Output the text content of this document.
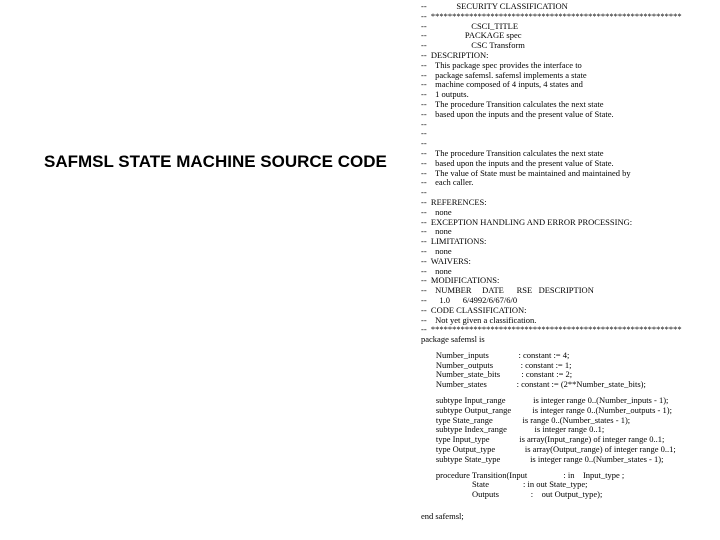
SAFMSL STATE MACHINE SOURCE CODE
--              SECURITY CLASSIFICATION
--  ***********************************************************
--                     CSCI_TITLE
--                  PACKAGE spec
--                     CSC Transform
--  DESCRIPTION:
--    This package spec provides the interface to
--    package safemsl. safemsl implements a state
--    machine composed of 4 inputs, 4 states and
--    1 outputs.
--    The procedure Transition calculates the next state
--    based upon the inputs and the present value of State.
--
--
--
--    The procedure Transition calculates the next state
--    based upon the inputs and the present value of State.
--    The value of State must be maintained and maintained by
--    each caller.
--
--  REFERENCES:
--    none
--  EXCEPTION HANDLING AND ERROR PROCESSING:
--    none
--  LIMITATIONS:
--    none
--  WAIVERS:
--    none
--  MODIFICATIONS:
--    NUMBER     DATE      RSE   DESCRIPTION
--      1.0      6/4992/6/67/6/0
--  CODE CLASSIFICATION:
--    Not yet given a classification.
--  ***********************************************************
package safemsl is
Number_inputs              : constant := 4;
Number_outputs             : constant := 1;
Number_state_bits          : constant := 2;
Number_states              : constant := (2**Number_state_bits);
subtype Input_range             is integer range 0..(Number_inputs - 1);
subtype Output_range          is integer range 0..(Number_outputs - 1);
type State_range              is range 0..(Number_states - 1);
subtype Index_range             is integer range 0..1;
type Input_type              is array(Input_range) of integer range 0..1;
type Output_type              is array(Output_range) of integer range 0..1;
subtype State_type              is integer range 0..(Number_states - 1);
procedure Transition(Input                 : in    Input_type ;
State                : in out State_type;
Outputs               :    out Output_type);
end safemsl;
